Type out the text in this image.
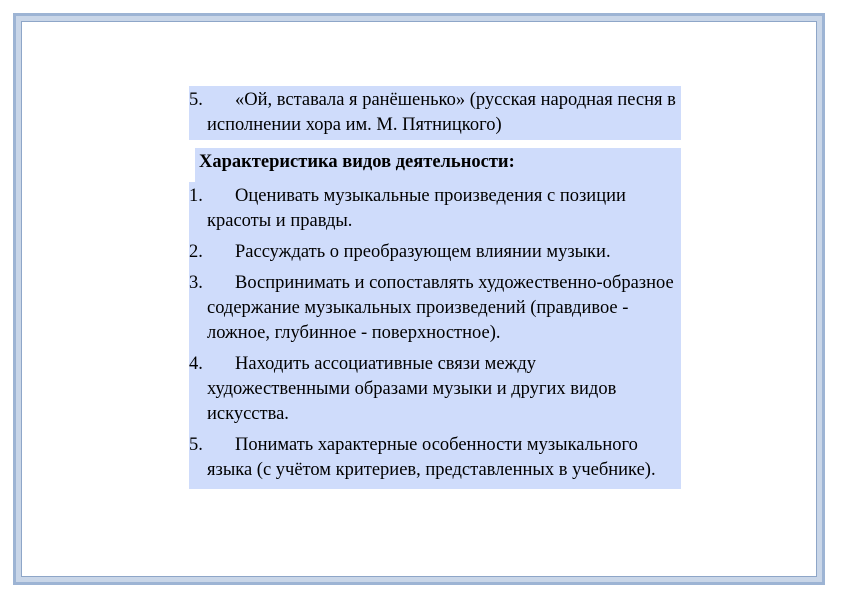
5. «Ой, вставала я ранёшенько» (русская народная песня в исполнении хора им. М. Пятницкого)
Характеристика видов деятельности:
1. Оценивать музыкальные произведения с позиции красоты и правды.
2. Рассуждать о преобразующем влиянии музыки.
3. Воспринимать и сопоставлять художественно-образное содержание музыкальных произведений (правдивое - ложное, глубинное - поверхностное).
4. Находить ассоциативные связи между художественными образами музыки и других видов искусства.
5. Понимать характерные особенности музыкального языка (с учётом критериев, представленных в учебнике).
